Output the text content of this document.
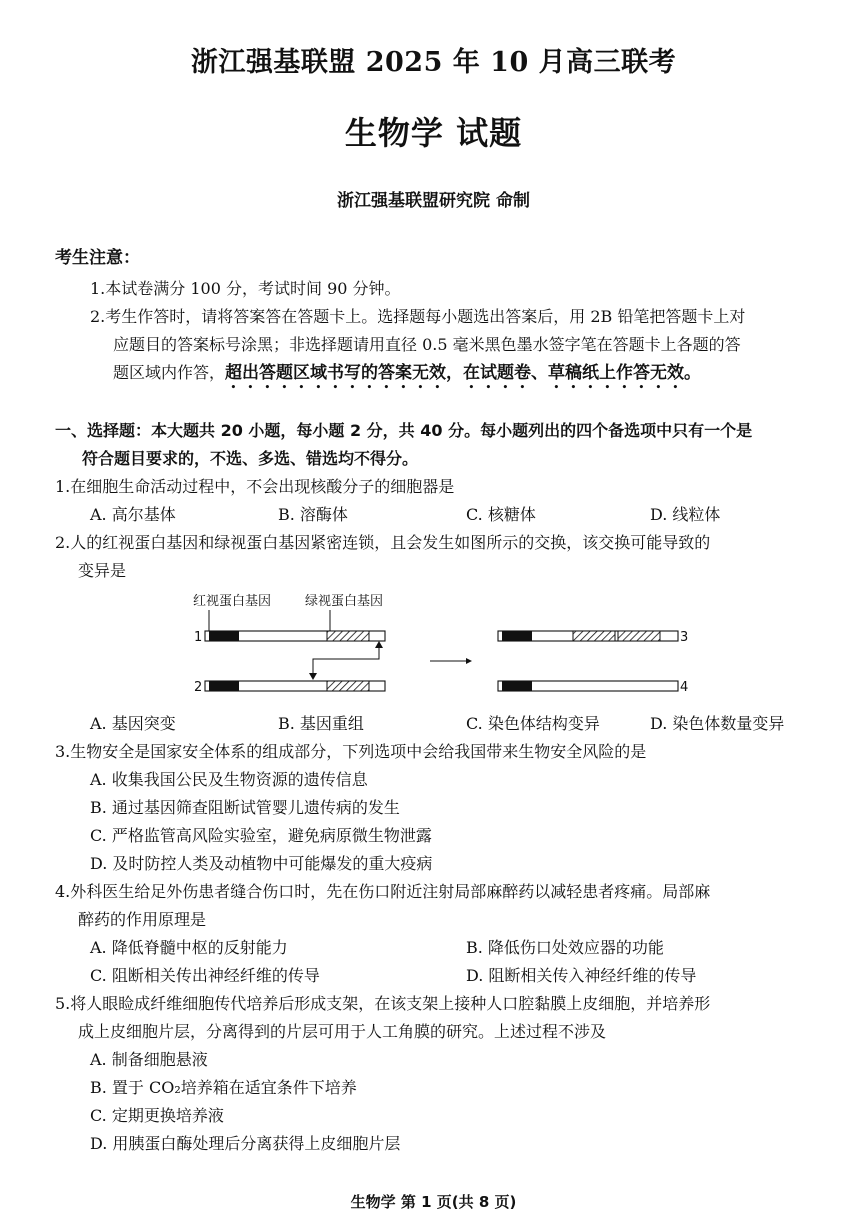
浙江强基联盟 2025 年 10 月高三联考
生物学 试题
浙江强基联盟研究院 命制
考生注意：
1.本试卷满分 100 分，考试时间 90 分钟。
2.考生作答时，请将答案答在答题卡上。选择题每小题选出答案后，用 2B 铅笔把答题卡上对
应题目的答案标号涂黑；非选择题请用直径 0.5 毫米黑色墨水签字笔在答题卡上各题的答
题区域内作答，超出答题区域书写的答案无效，在试题卷、草稿纸上作答无效。
一、选择题：本大题共 20 小题，每小题 2 分，共 40 分。每小题列出的四个备选项中只有一个是
符合题目要求的，不选、多选、错选均不得分。
1.在细胞生命活动过程中，不会出现核酸分子的细胞器是
A. 高尔基体	B. 溶酶体	C. 核糖体	D. 线粒体
2.人的红视蛋白基因和绿视蛋白基因紧密连锁，且会发生如图所示的交换，该交换可能导致的
变异是
红视蛋白基因	绿视蛋白基因
1
2
3
4
A. 基因突变	B. 基因重组	C. 染色体结构变异	D. 染色体数量变异
3.生物安全是国家安全体系的组成部分，下列选项中会给我国带来生物安全风险的是
A. 收集我国公民及生物资源的遗传信息
B. 通过基因筛查阻断试管婴儿遗传病的发生
C. 严格监管高风险实验室，避免病原微生物泄露
D. 及时防控人类及动植物中可能爆发的重大疫病
4.外科医生给足外伤患者缝合伤口时，先在伤口附近注射局部麻醉药以减轻患者疼痛。局部麻
醉药的作用原理是
A. 降低脊髓中枢的反射能力	B. 降低伤口处效应器的功能
C. 阻断相关传出神经纤维的传导	D. 阻断相关传入神经纤维的传导
5.将人眼睑成纤维细胞传代培养后形成支架，在该支架上接种人口腔黏膜上皮细胞，并培养形
成上皮细胞片层，分离得到的片层可用于人工角膜的研究。上述过程不涉及
A. 制备细胞悬液
B. 置于 CO₂培养箱在适宜条件下培养
C. 定期更换培养液
D. 用胰蛋白酶处理后分离获得上皮细胞片层
生物学 第 1 页(共 8 页)
